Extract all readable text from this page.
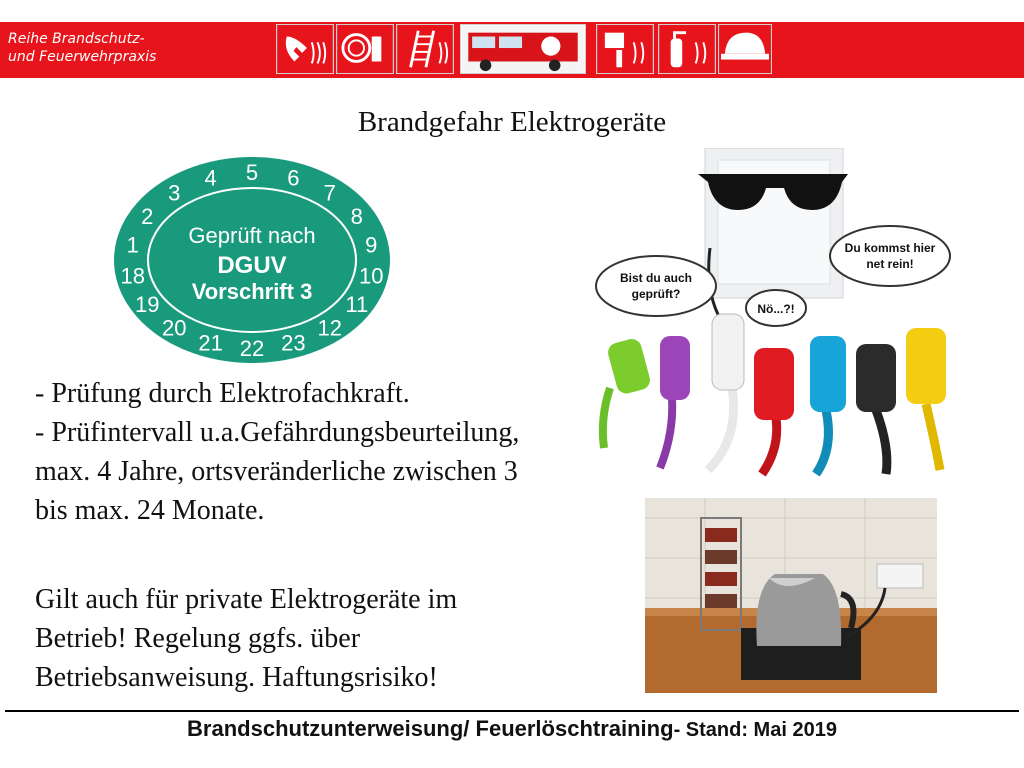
Reihe Brandschutz-
und Feuerwehrpraxis
Brandgefahr Elektrogeräte
1
2
3
4 5 6
7
8
9
10
11
12
23
22
21
20
19
18
Geprüft nach
DGUV
Vorschrift 3
Du kommst hier
net rein!
Bist du auch
geprüft?
Nö...?!
- Prüfung durch Elektrofachkraft.
- Prüfintervall u.a.Gefährdungsbeurteilung,
max. 4 Jahre, ortsveränderliche zwischen 3
bis max. 24 Monate.
Gilt auch für private Elektrogeräte im
Betrieb! Regelung ggfs. über
Betriebsanweisung. Haftungsrisiko!
Brandschutzunterweisung/ Feuerlöschtraining- Stand: Mai 2019
